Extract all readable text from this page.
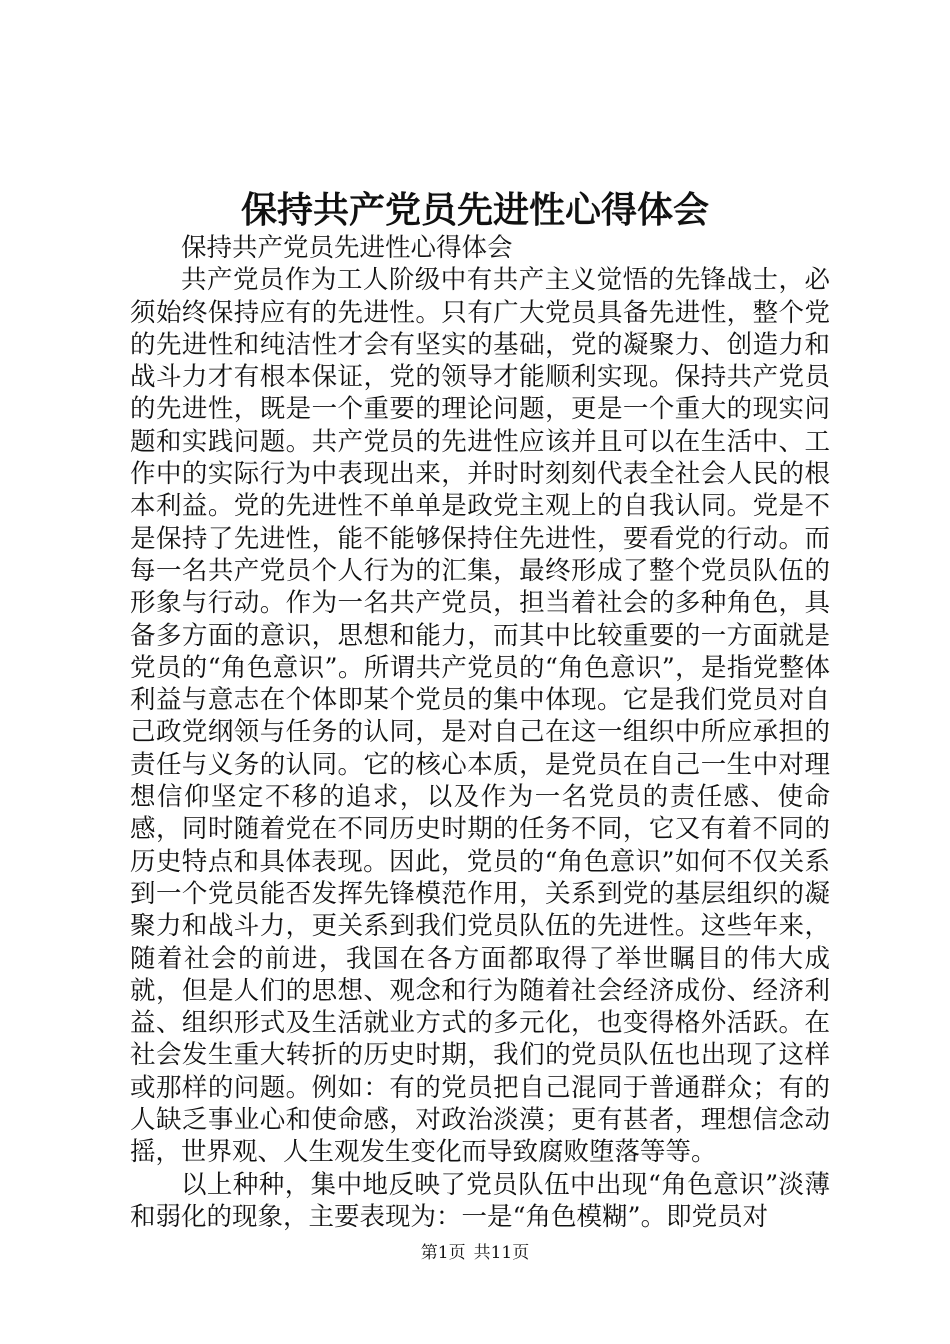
保持共产党员先进性心得体会

保持共产党员先进性心得体会

共产党员作为工人阶级中有共产主义觉悟的先锋战士，必须始终保持应有的先进性。只有广大党员具备先进性，整个党的先进性和纯洁性才会有坚实的基础，党的凝聚力、创造力和战斗力才有根本保证，党的领导才能顺利实现。保持共产党员的先进性，既是一个重要的理论问题，更是一个重大的现实问题和实践问题。共产党员的先进性应该并且可以在生活中、工作中的实际行为中表现出来，并时时刻刻代表全社会人民的根本利益。党的先进性不单单是政党主观上的自我认同。党是不是保持了先进性，能不能够保持住先进性，要看党的行动。而每一名共产党员个人行为的汇集，最终形成了整个党员队伍的形象与行动。作为一名共产党员，担当着社会的多种角色，具备多方面的意识，思想和能力，而其中比较重要的一方面就是党员的“角色意识”。所谓共产党员的“角色意识”，是指党整体利益与意志在个体即某个党员的集中体现。它是我们党员对自己政党纲领与任务的认同，是对自己在这一组织中所应承担的责任与义务的认同。它的核心本质，是党员在自己一生中对理想信仰坚定不移的追求，以及作为一名党员的责任感、使命感，同时随着党在不同历史时期的任务不同，它又有着不同的历史特点和具体表现。因此，党员的“角色意识”如何不仅关系到一个党员能否发挥先锋模范作用，关系到党的基层组织的凝聚力和战斗力，更关系到我们党员队伍的先进性。这些年来，随着社会的前进，我国在各方面都取得了举世瞩目的伟大成就，但是人们的思想、观念和行为随着社会经济成份、经济利益、组织形式及生活就业方式的多元化，也变得格外活跃。在社会发生重大转折的历史时期，我们的党员队伍也出现了这样或那样的问题。例如：有的党员把自己混同于普通群众；有的人缺乏事业心和使命感，对政治淡漠；更有甚者，理想信念动摇，世界观、人生观发生变化而导致腐败堕落等等。

以上种种，集中地反映了党员队伍中出现“角色意识”淡薄和弱化的现象，主要表现为：一是“角色模糊”。即党员对

第1页 共11页
